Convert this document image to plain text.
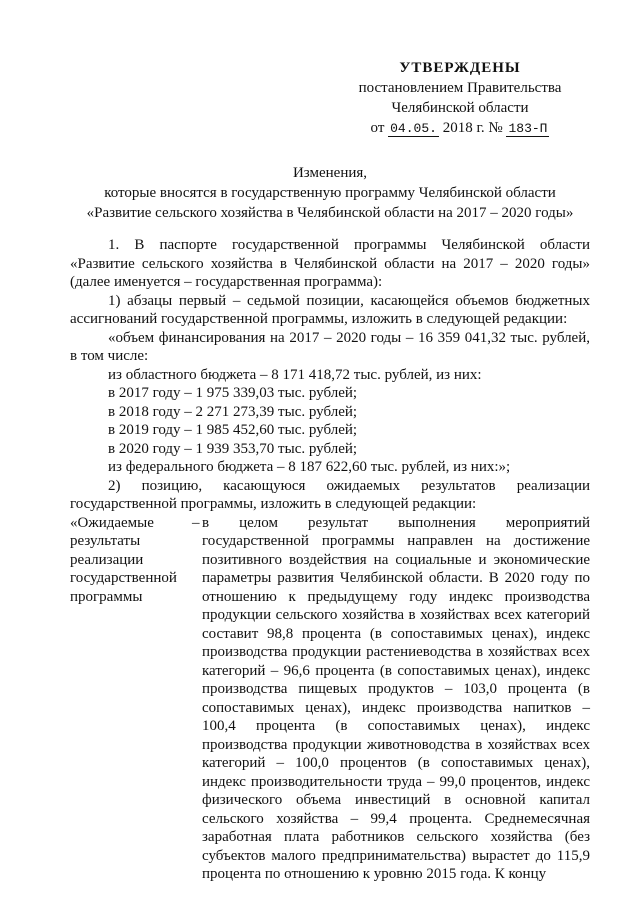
УТВЕРЖДЕНЫ
постановлением Правительства
Челябинской области
от 04.05. 2018 г. № 183-П
Изменения,
которые вносятся в государственную программу Челябинской области
«Развитие сельского хозяйства в Челябинской области на 2017 – 2020 годы»

1. В паспорте государственной программы Челябинской области «Развитие сельского хозяйства в Челябинской области на 2017 – 2020 годы» (далее именуется – государственная программа):

1) абзацы первый – седьмой позиции, касающейся объемов бюджетных ассигнований государственной программы, изложить в следующей редакции:

«объем финансирования на 2017 – 2020 годы – 16 359 041,32 тыс. рублей, в том числе:

из областного бюджета – 8 171 418,72 тыс. рублей, из них:

в 2017 году – 1 975 339,03 тыс. рублей;

в 2018 году – 2 271 273,39 тыс. рублей;

в 2019 году – 1 985 452,60 тыс. рублей;

в 2020 году – 1 939 353,70 тыс. рублей;

из федерального бюджета – 8 187 622,60 тыс. рублей, из них:»;

2) позицию, касающуюся ожидаемых результатов реализации государственной программы, изложить в следующей редакции:

«Ожидаемые результаты реализации государственной программы
– в целом результат выполнения мероприятий государственной программы направлен на достижение позитивного воздействия на социальные и экономические параметры развития Челябинской области. В 2020 году по отношению к предыдущему году индекс производства продукции сельского хозяйства в хозяйствах всех категорий составит 98,8 процента (в сопоставимых ценах), индекс производства продукции растениеводства в хозяйствах всех категорий – 96,6 процента (в сопоставимых ценах), индекс производства пищевых продуктов – 103,0 процента (в сопоставимых ценах), индекс производства напитков – 100,4 процента (в сопоставимых ценах), индекс производства продукции животноводства в хозяйствах всех категорий – 100,0 процентов (в сопоставимых ценах), индекс производительности труда – 99,0 процентов, индекс физического объема инвестиций в основной капитал сельского хозяйства – 99,4 процента. Среднемесячная заработная плата работников сельского хозяйства (без субъектов малого предпринимательства) вырастет до 115,9 процента по отношению к уровню 2015 года. К концу
